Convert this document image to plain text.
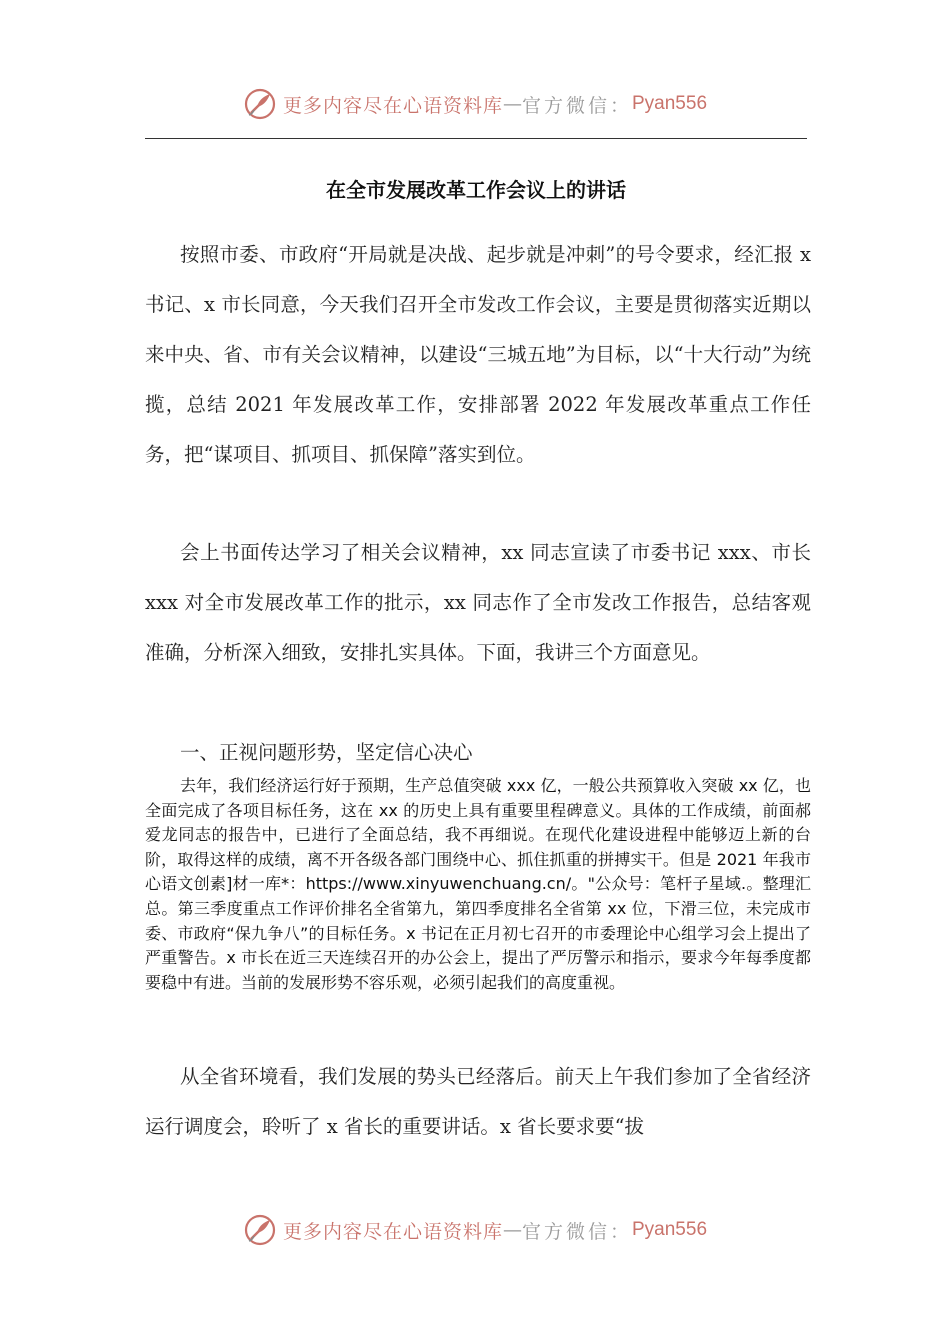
更多内容尽在心语资料库 — 官方微信： Pyan556
在全市发展改革工作会议上的讲话

按照市委、市政府“开局就是决战、起步就是冲刺”的号令要求，经汇报 x 书记、x 市长同意，今天我们召开全市发改工作会议，主要是贯彻落实近期以来中央、省、市有关会议精神，以建设“三城五地”为目标，以“十大行动”为统揽，总结 2021 年发展改革工作，安排部署 2022 年发展改革重点工作任务，把“谋项目、抓项目、抓保障”落实到位。

会上书面传达学习了相关会议精神，xx 同志宣读了市委书记 xxx、市长 xxx 对全市发展改革工作的批示，xx 同志作了全市发改工作报告，总结客观准确，分析深入细致，安排扎实具体。下面，我讲三个方面意见。

一、正视问题形势，坚定信心决心

去年，我们经济运行好于预期，生产总值突破 xxx 亿，一般公共预算收入突破 xx 亿，也全面完成了各项目标任务，这在 xx 的历史上具有重要里程碑意义。具体的工作成绩，前面郝爱龙同志的报告中，已进行了全面总结，我不再细说。在现代化建设进程中能够迈上新的台阶，取得这样的成绩，离不开各级各部门围绕中心、抓住抓重的拼搏实干。但是 2021 年我市心语文创素]材一库*：https://www.xinyuwenchuang.cn/。"公众号：笔杆子星域.。整理汇总。第三季度重点工作评价排名全省第九，第四季度排名全省第 xx 位，下滑三位，未完成市委、市政府“保九争八”的目标任务。x 书记在正月初七召开的市委理论中心组学习会上提出了严重警告。x 市长在近三天连续召开的办公会上，提出了严厉警示和指示，要求今年每季度都要稳中有进。当前的发展形势不容乐观，必须引起我们的高度重视。

从全省环境看，我们发展的势头已经落后。前天上午我们参加了全省经济运行调度会，聆听了 x 省长的重要讲话。x 省长要求要“拔

更多内容尽在心语资料库 — 官方微信： Pyan556
